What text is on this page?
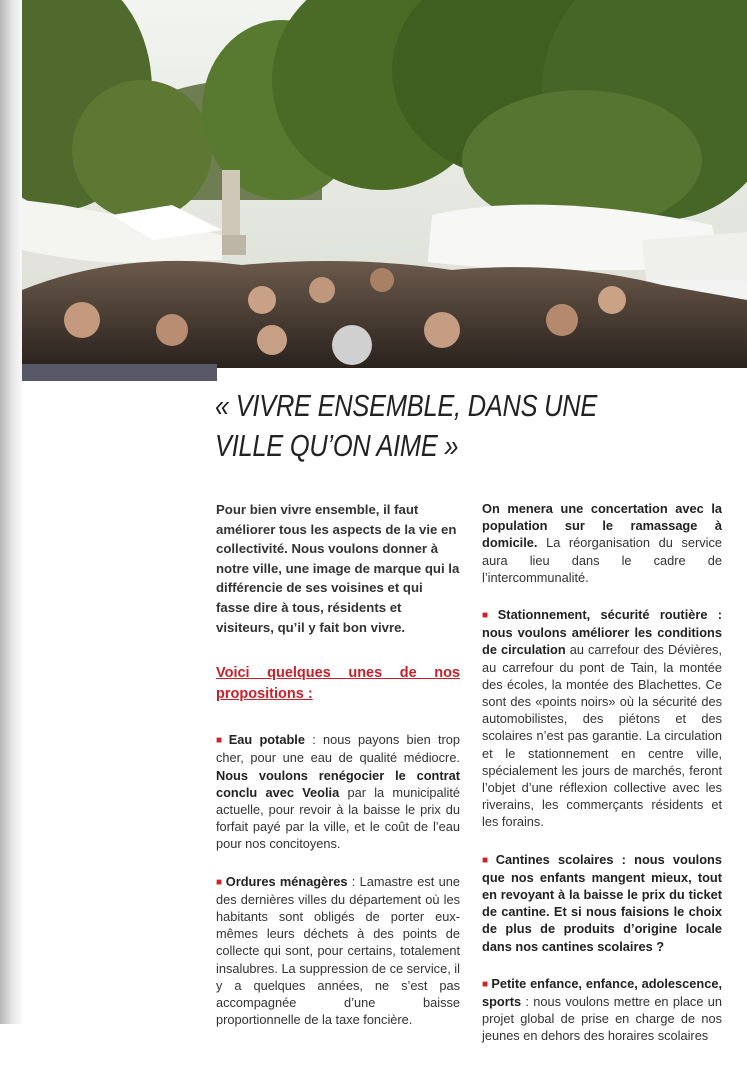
« VIVRE ENSEMBLE, DANS UNE VILLE QU’ON AIME »

Pour bien vivre ensemble, il faut améliorer tous les aspects de la vie en collectivité. Nous voulons donner à notre ville, une image de marque qui la différencie de ses voisines et qui fasse dire à tous, résidents et visiteurs, qu’il y fait bon vivre.

Voici quelques unes de nos propositions :

■ Eau potable : nous payons bien trop cher, pour une eau de qualité médiocre. Nous voulons renégocier le contrat conclu avec Veolia par la municipalité actuelle, pour revoir à la baisse le prix du forfait payé par la ville, et le coût de l’eau pour nos concitoyens.

■ Ordures ménagères : Lamastre est une des dernières villes du département où les habitants sont obligés de porter eux-mêmes leurs déchets à des points de collecte qui sont, pour certains, totalement insalubres. La suppression de ce service, il y a quelques années, ne s’est pas accompagnée d’une baisse proportionnelle de la taxe foncière.

On menera une concertation avec la population sur le ramassage à domicile. La réorganisation du service aura lieu dans le cadre de l’intercommunalité.

■ Stationnement, sécurité routière : nous voulons améliorer les conditions de circulation au carrefour des Dévières, au carrefour du pont de Tain, la montée des écoles, la montée des Blachettes. Ce sont des «points noirs» où la sécurité des automobilistes, des piétons et des scolaires n’est pas garantie. La circulation et le stationnement en centre ville, spécialement les jours de marchés, feront l’objet d’une réflexion collective avec les riverains, les commerçants résidents et les forains.

■ Cantines scolaires : nous voulons que nos enfants mangent mieux, tout en revoyant à la baisse le prix du ticket de cantine. Et si nous faisions le choix de plus de produits d’origine locale dans nos cantines scolaires ?

■ Petite enfance, enfance, adolescence, sports : nous voulons mettre en place un projet global de prise en charge de nos jeunes en dehors des horaires scolaires
